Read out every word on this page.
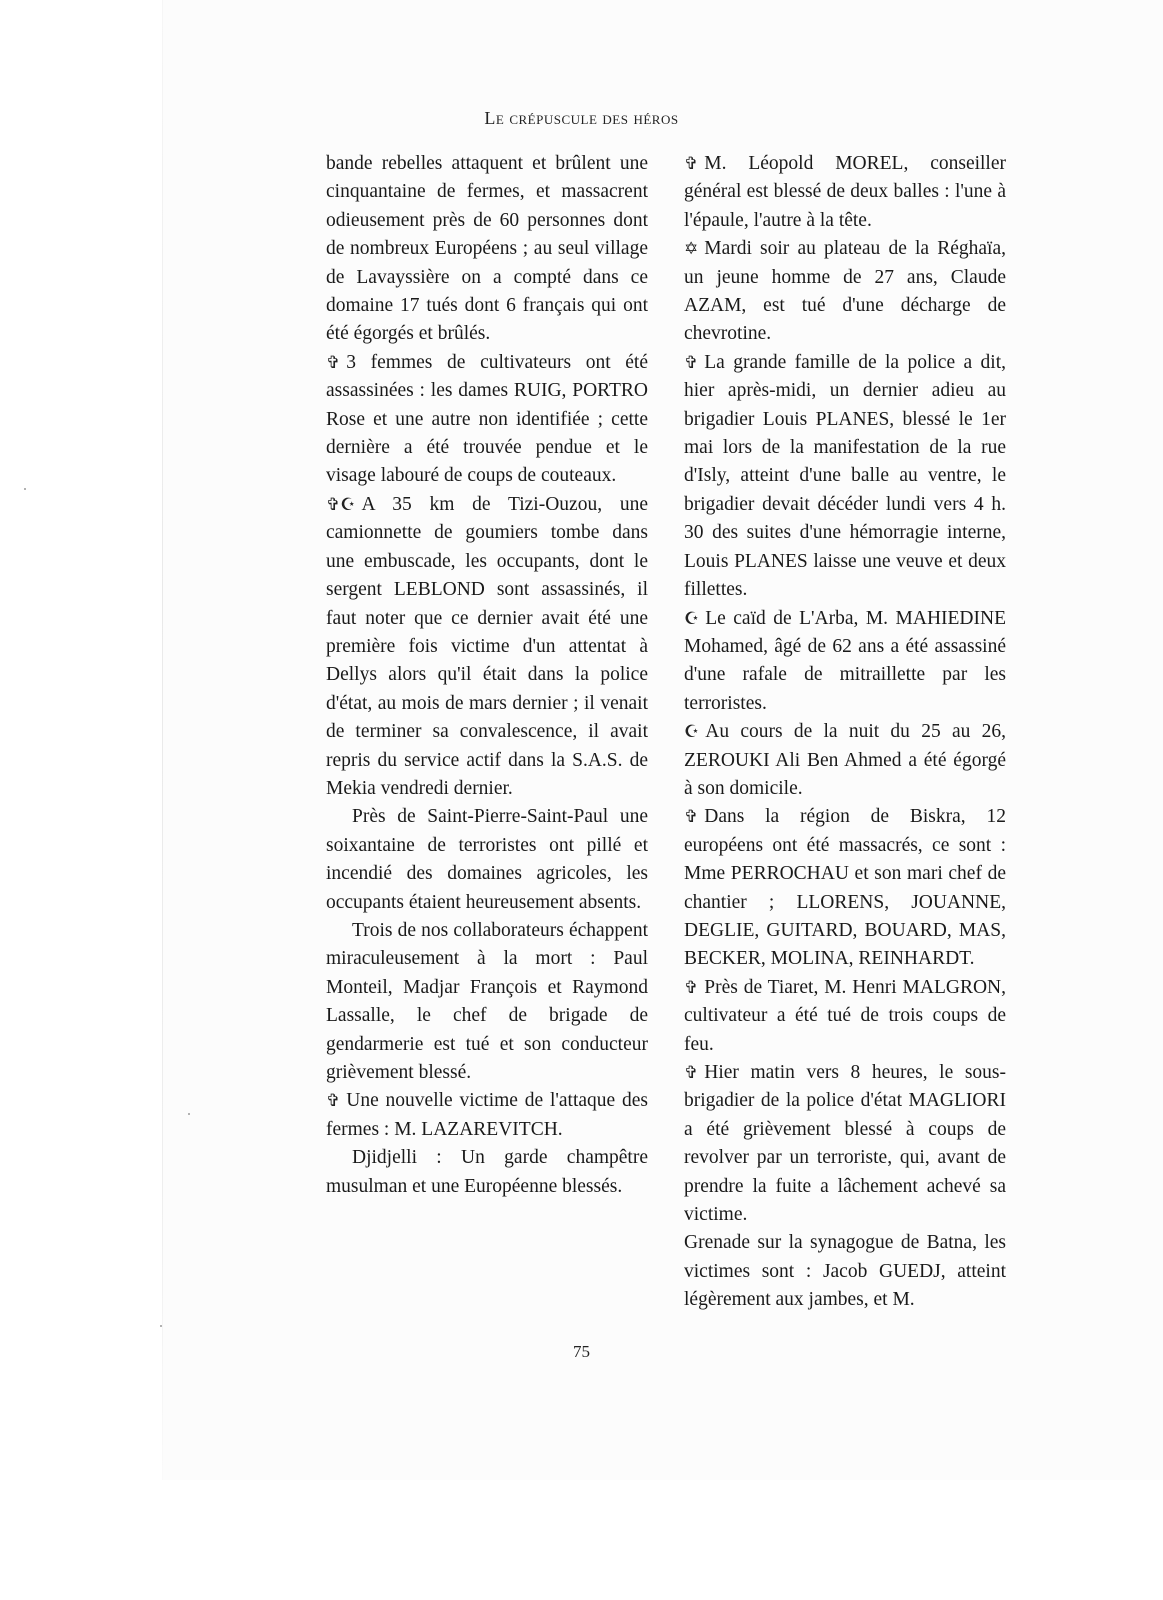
Le crépuscule des héros

bande rebelles attaquent et brûlent une cinquantaine de fermes, et massacrent odieusement près de 60 personnes dont de nombreux Européens ; au seul village de Lavayssière on a compté dans ce domaine 17 tués dont 6 français qui ont été égorgés et brûlés.

✞ 3 femmes de cultivateurs ont été assassinées : les dames RUIG, PORTRO Rose et une autre non identifiée ; cette dernière a été trouvée pendue et le visage labouré de coups de couteaux.

✞☪ A 35 km de Tizi-Ouzou, une camionnette de goumiers tombe dans une embuscade, les occupants, dont le sergent LEBLOND sont assassinés, il faut noter que ce dernier avait été une première fois victime d'un attentat à Dellys alors qu'il était dans la police d'état, au mois de mars dernier ; il venait de terminer sa convalescence, il avait repris du service actif dans la S.A.S. de Mekia vendredi dernier.

Près de Saint-Pierre-Saint-Paul une soixantaine de terroristes ont pillé et incendié des domaines agricoles, les occupants étaient heureusement absents.

Trois de nos collaborateurs échappent miraculeusement à la mort : Paul Monteil, Madjar François et Raymond Lassalle, le chef de brigade de gendarmerie est tué et son conducteur grièvement blessé.

✞ Une nouvelle victime de l'attaque des fermes : M. LAZAREVITCH.

Djidjelli : Un garde champêtre musulman et une Européenne blessés.

✞ M. Léopold MOREL, conseiller général est blessé de deux balles : l'une à l'épaule, l'autre à la tête.

✡ Mardi soir au plateau de la Réghaïa, un jeune homme de 27 ans, Claude AZAM, est tué d'une décharge de chevrotine.

✞ La grande famille de la police a dit, hier après-midi, un dernier adieu au brigadier Louis PLANES, blessé le 1er mai lors de la manifestation de la rue d'Isly, atteint d'une balle au ventre, le brigadier devait décéder lundi vers 4 h. 30 des suites d'une hémorragie interne, Louis PLANES laisse une veuve et deux fillettes.

☪ Le caïd de L'Arba, M. MAHIEDINE Mohamed, âgé de 62 ans a été assassiné d'une rafale de mitraillette par les terroristes.

☪ Au cours de la nuit du 25 au 26, ZEROUKI Ali Ben Ahmed a été égorgé à son domicile.

✞ Dans la région de Biskra, 12 européens ont été massacrés, ce sont : Mme PERROCHAU et son mari chef de chantier ; LLORENS, JOUANNE, DEGLIE, GUITARD, BOUARD, MAS, BECKER, MOLINA, REINHARDT.

✞ Près de Tiaret, M. Henri MALGRON, cultivateur a été tué de trois coups de feu.

✞ Hier matin vers 8 heures, le sous-brigadier de la police d'état MAGLIORI a été grièvement blessé à coups de revolver par un terroriste, qui, avant de prendre la fuite a lâchement achevé sa victime.

Grenade sur la synagogue de Batna, les victimes sont : Jacob GUEDJ, atteint légèrement aux jambes, et M.

75
